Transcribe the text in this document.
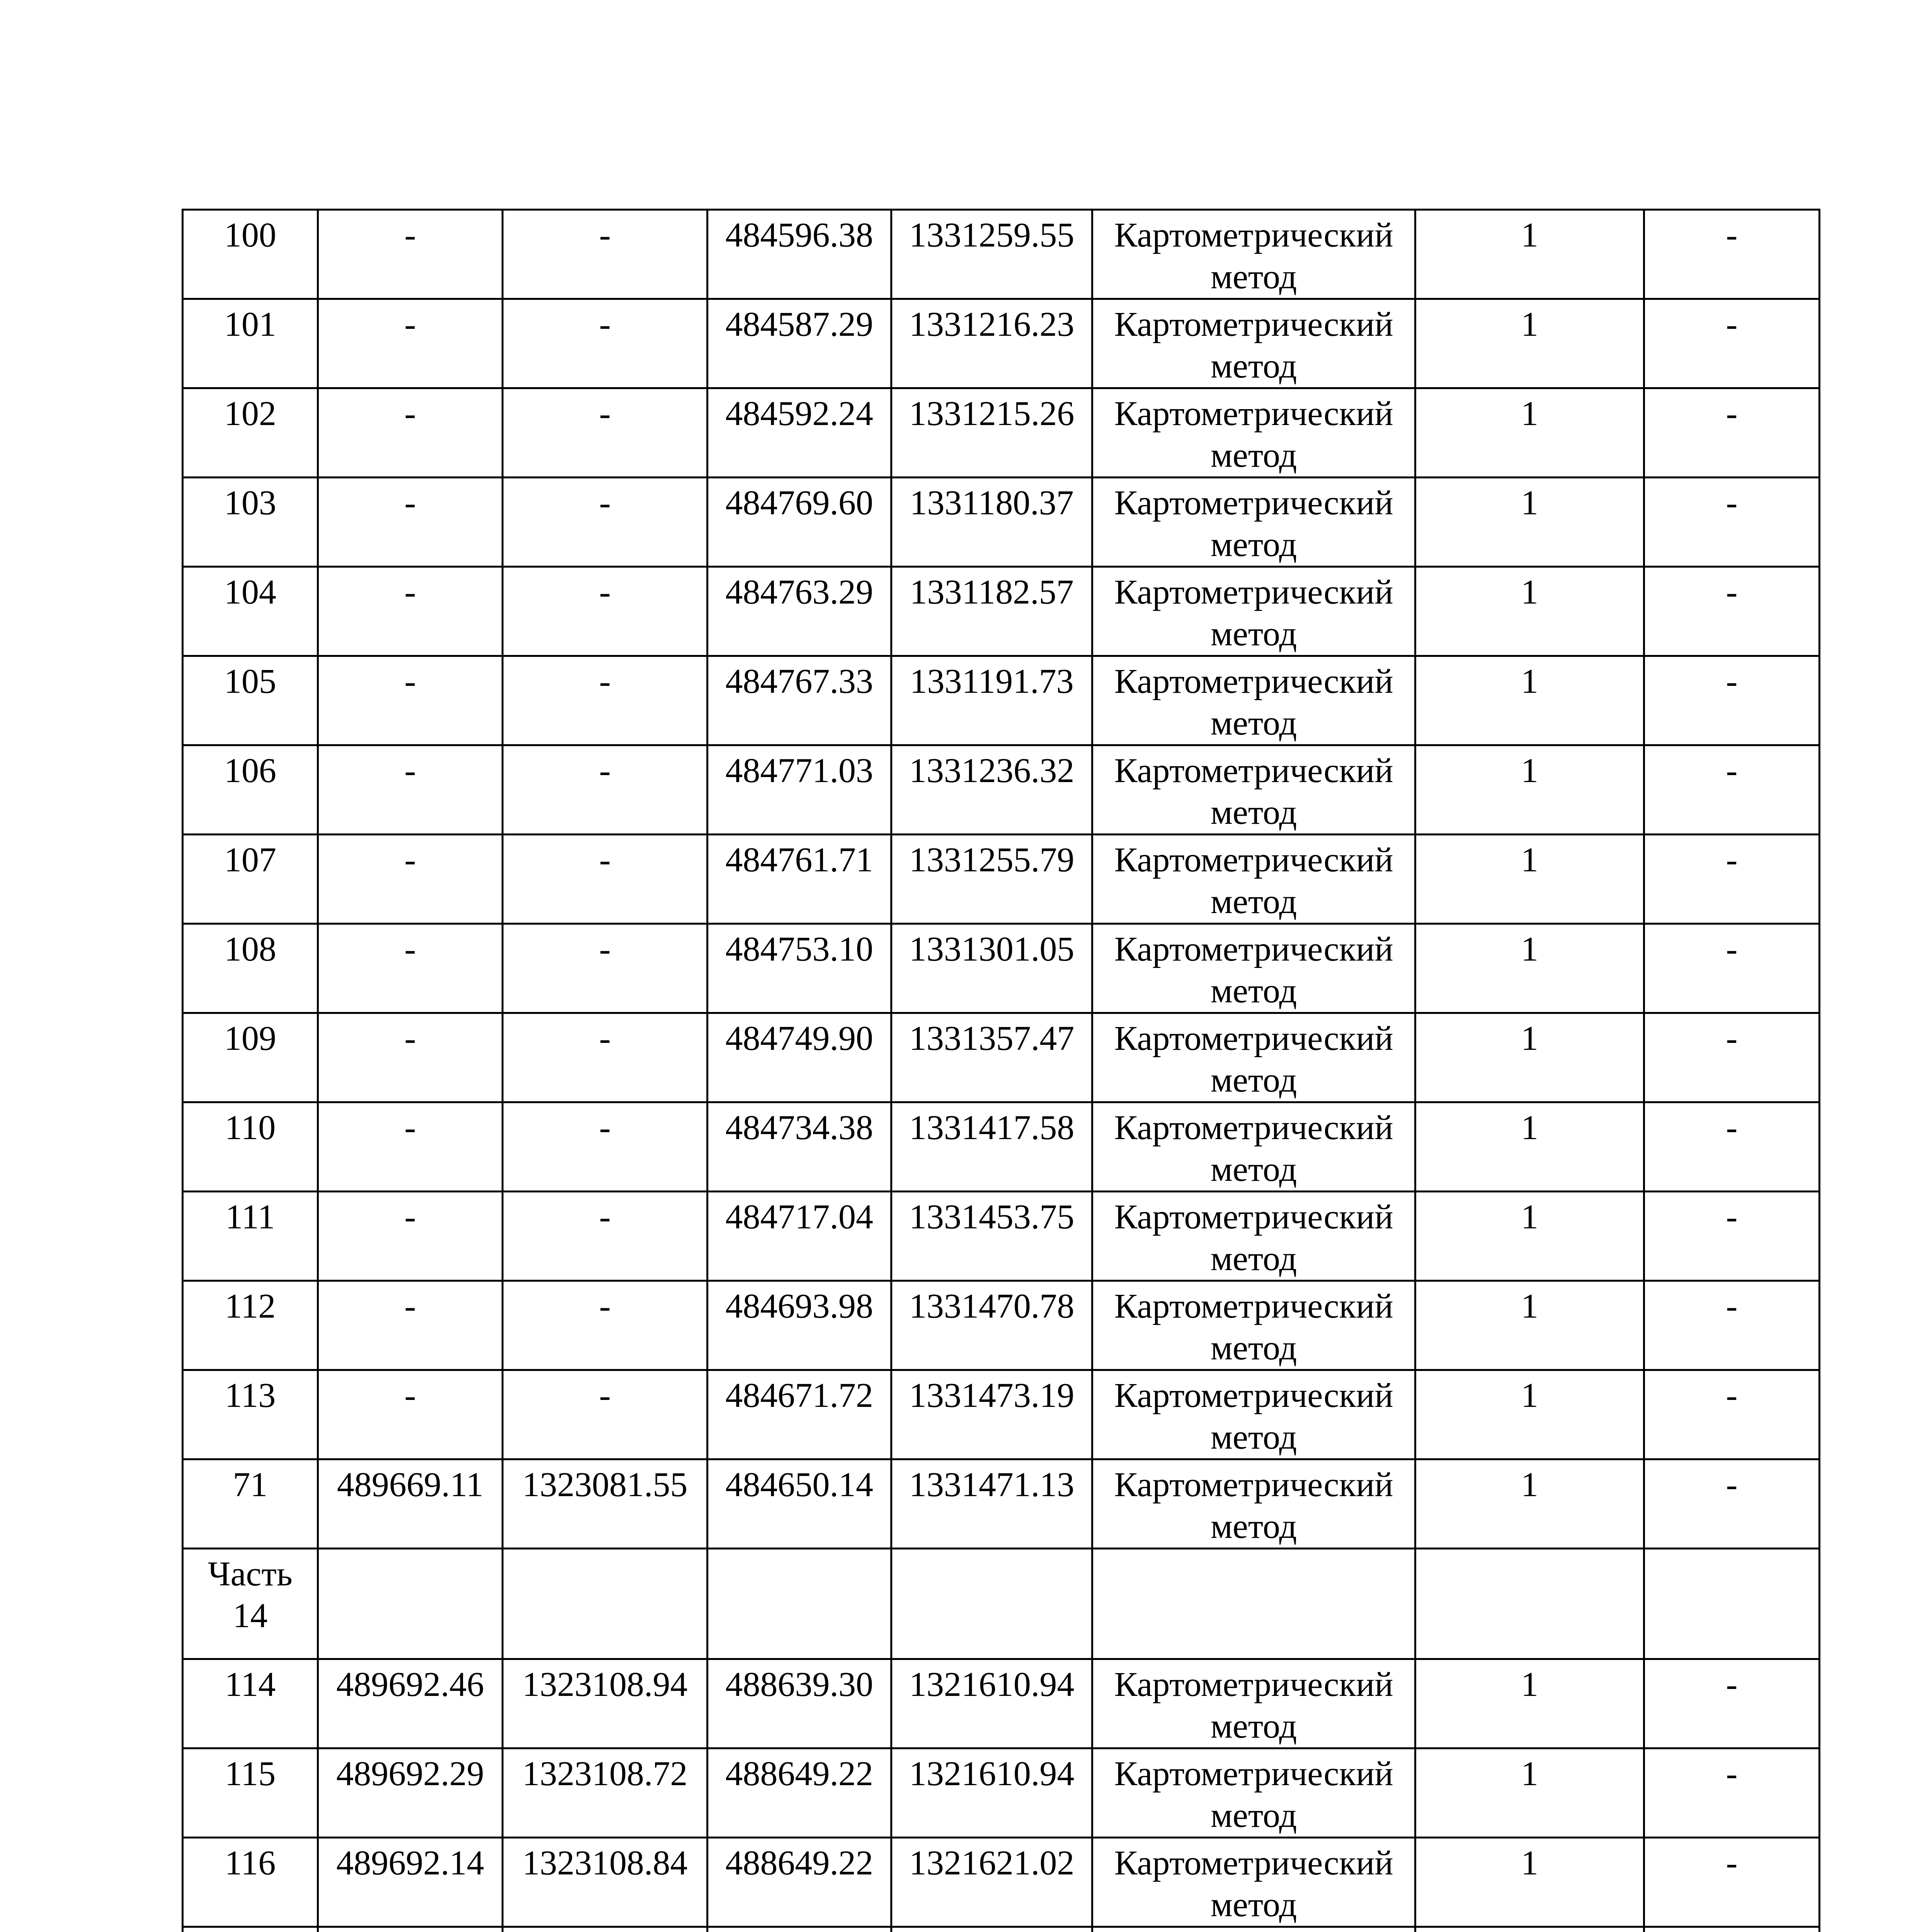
100	-	-	484596.38	1331259.55	Картометрический метод	1	-
101	-	-	484587.29	1331216.23	Картометрический метод	1	-
102	-	-	484592.24	1331215.26	Картометрический метод	1	-
103	-	-	484769.60	1331180.37	Картометрический метод	1	-
104	-	-	484763.29	1331182.57	Картометрический метод	1	-
105	-	-	484767.33	1331191.73	Картометрический метод	1	-
106	-	-	484771.03	1331236.32	Картометрический метод	1	-
107	-	-	484761.71	1331255.79	Картометрический метод	1	-
108	-	-	484753.10	1331301.05	Картометрический метод	1	-
109	-	-	484749.90	1331357.47	Картометрический метод	1	-
110	-	-	484734.38	1331417.58	Картометрический метод	1	-
111	-	-	484717.04	1331453.75	Картометрический метод	1	-
112	-	-	484693.98	1331470.78	Картометрический метод	1	-
113	-	-	484671.72	1331473.19	Картометрический метод	1	-
71	489669.11	1323081.55	484650.14	1331471.13	Картометрический метод	1	-
Часть 14							
114	489692.46	1323108.94	488639.30	1321610.94	Картометрический метод	1	-
115	489692.29	1323108.72	488649.22	1321610.94	Картометрический метод	1	-
116	489692.14	1323108.84	488649.22	1321621.02	Картометрический метод	1	-
